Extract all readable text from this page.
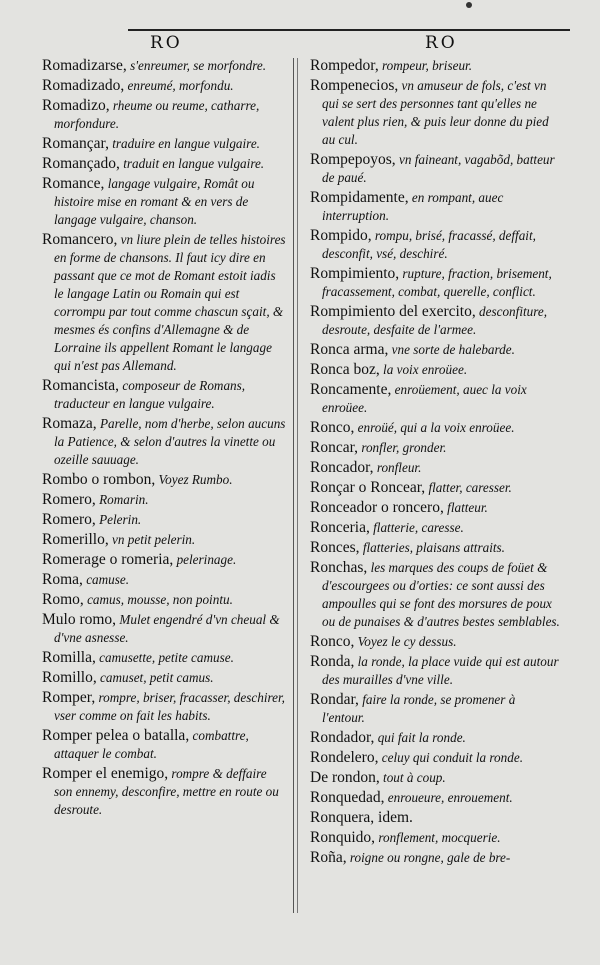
RO	RO
Romadizarse, s'enreumer, se morfondre.
Romadizado, enreumé, morfondu.
Romadizo, rheume ou reume, catharre, morfondure.
Romançar, traduire en langue vulgaire.
Romançado, traduit en langue vulgaire.
Romance, langage vulgaire, Romât ou histoire mise en romant & en vers de langage vulgaire, chanson.
Romancero, vn liure plein de telles histoires en forme de chansons. Il faut icy dire en passant que ce mot de Romant estoit iadis le langage Latin ou Romain qui est corrompu par tout comme chascun sçait, & mesmes és confins d'Allemagne & de Lorraine ils appellent Romant le langage qui n'est pas Allemand.
Romancista, composeur de Romans, traducteur en langue vulgaire.
Romaza, Parelle, nom d'herbe, selon aucuns la Patience, & selon d'autres la vinette ou ozeille sauuage.
Rombo o rombon, Voyez Rumbo.
Romero, Romarin.
Romero, Pelerin.
Romerillo, vn petit pelerin.
Romerage o romeria, pelerinage.
Roma, camuse.
Romo, camus, mousse, non pointu.
Mulo romo, Mulet engendré d'vn cheual & d'vne asnesse.
Romilla, camusette, petite camuse.
Romillo, camuset, petit camus.
Romper, rompre, briser, fracasser, deschirer, vser comme on fait les habits.
Romper pelea o batalla, combattre, attaquer le combat.
Romper el enemigo, rompre & deffaire son ennemy, desconfire, mettre en route ou desroute.
Rompedor, rompeur, briseur.
Rompenecios, vn amuseur de fols, c'est vn qui se sert des personnes tant qu'elles ne valent plus rien, & puis leur donne du pied au cul.
Rompepoyos, vn faineant, vagabõd, batteur de paué.
Rompidamente, en rompant, auec interruption.
Rompido, rompu, brisé, fracassé, deffait, desconfit, vsé, deschiré.
Rompimiento, rupture, fraction, brisement, fracassement, combat, querelle, conflict.
Rompimiento del exercito, desconfiture, desroute, desfaite de l'armee.
Ronca arma, vne sorte de halebarde.
Ronca boz, la voix enroüee.
Roncamente, enroüement, auec la voix enroüee.
Ronco, enroüé, qui a la voix enroüee.
Roncar, ronfler, gronder.
Roncador, ronfleur.
Ronçar o Roncear, flatter, caresser.
Ronceador o roncero, flatteur.
Ronceria, flatterie, caresse.
Ronces, flatteries, plaisans attraits.
Ronchas, les marques des coups de foüet & d'escourgees ou d'orties: ce sont aussi des ampoulles qui se font des morsures de poux ou de punaises & d'autres bestes semblables.
Ronco, Voyez le cy dessus.
Ronda, la ronde, la place vuide qui est autour des murailles d'vne ville.
Rondar, faire la ronde, se promener à l'entour.
Rondador, qui fait la ronde.
Rondelero, celuy qui conduit la ronde.
De rondon, tout à coup.
Ronquedad, enroueure, enrouement.
Ronquera, idem.
Ronquido, ronflement, mocquerie.
Roña, roigne ou rongne, gale de bre-
